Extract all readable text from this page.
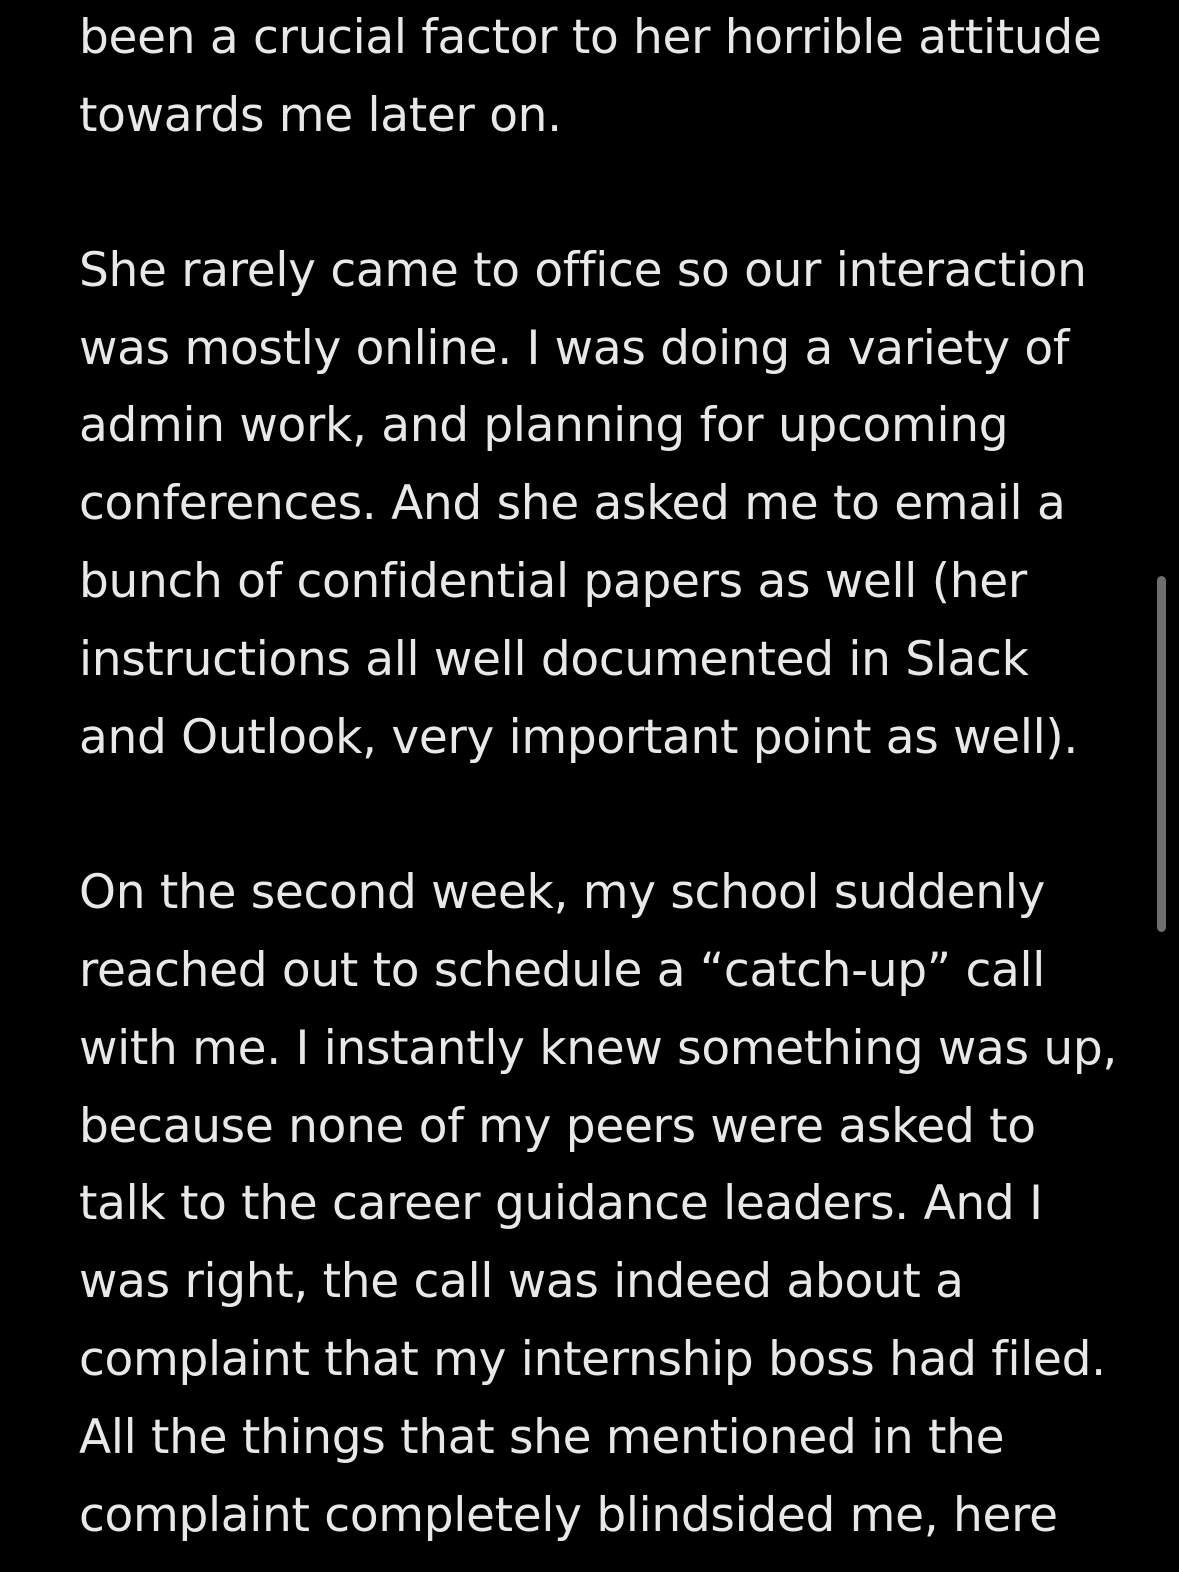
been a crucial factor to her horrible attitude
towards me later on.
She rarely came to office so our interaction
was mostly online. I was doing a variety of
admin work, and planning for upcoming
conferences. And she asked me to email a
bunch of confidential papers as well (her
instructions all well documented in Slack
and Outlook, very important point as well).
On the second week, my school suddenly
reached out to schedule a “catch-up” call
with me. I instantly knew something was up,
because none of my peers were asked to
talk to the career guidance leaders. And I
was right, the call was indeed about a
complaint that my internship boss had filed.
All the things that she mentioned in the
complaint completely blindsided me, here
